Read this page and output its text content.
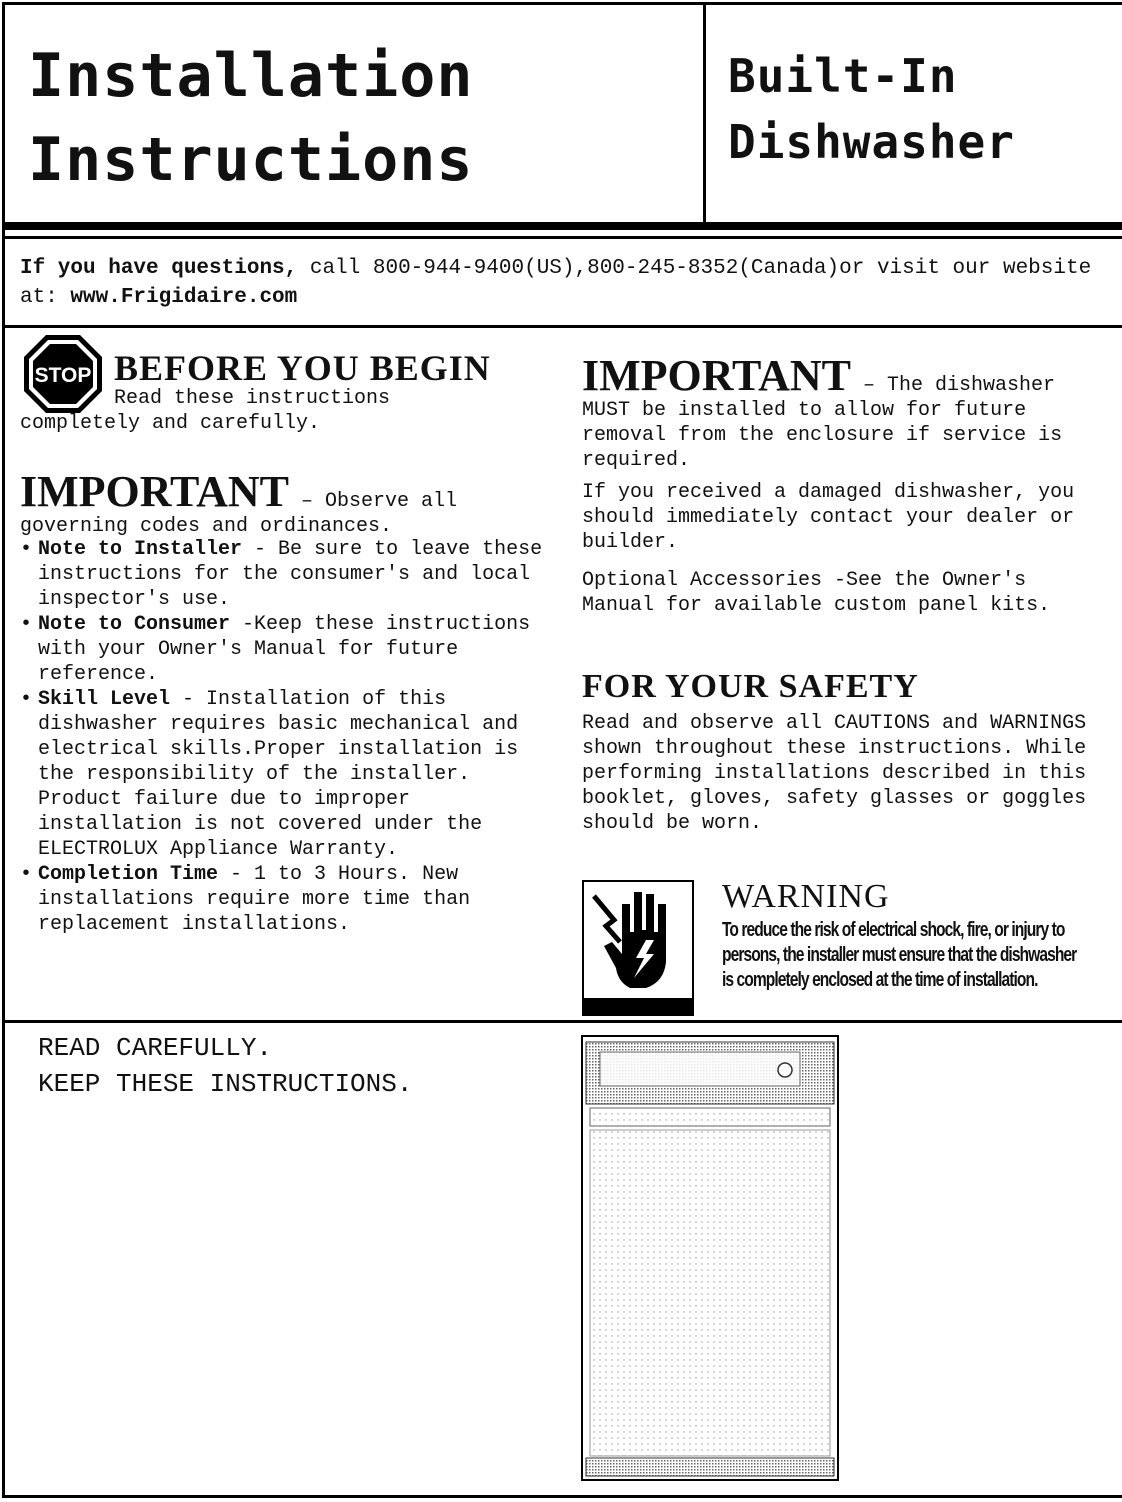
Installation
Instructions
Built-In
Dishwasher
If you have questions, call 800-944-9400(US),800-245-8352(Canada)or visit our website at: www.Frigidaire.com
STOP BEFORE YOU BEGIN
Read these instructions completely and carefully.
IMPORTANT – Observe all governing codes and ordinances.
• Note to Installer - Be sure to leave these instructions for the consumer's and local inspector's use.
• Note to Consumer -Keep these instructions with your Owner's Manual for future reference.
• Skill Level - Installation of this dishwasher requires basic mechanical and electrical skills.Proper installation is the responsibility of the installer. Product failure due to improper installation is not covered under the ELECTROLUX Appliance Warranty.
• Completion Time - 1 to 3 Hours. New installations require more time than replacement installations.
IMPORTANT – The dishwasher MUST be installed to allow for future removal from the enclosure if service is required.
If you received a damaged dishwasher, you should immediately contact your dealer or builder.
Optional Accessories -See the Owner's Manual for available custom panel kits.
FOR YOUR SAFETY
Read and observe all CAUTIONS and WARNINGS shown throughout these instructions. While performing installations described in this booklet, gloves, safety glasses or goggles should be worn.
WARNING
To reduce the risk of electrical shock, fire, or injury to persons, the installer must ensure that the dishwasher is completely enclosed at the time of installation.
READ CAREFULLY.
KEEP THESE INSTRUCTIONS.
